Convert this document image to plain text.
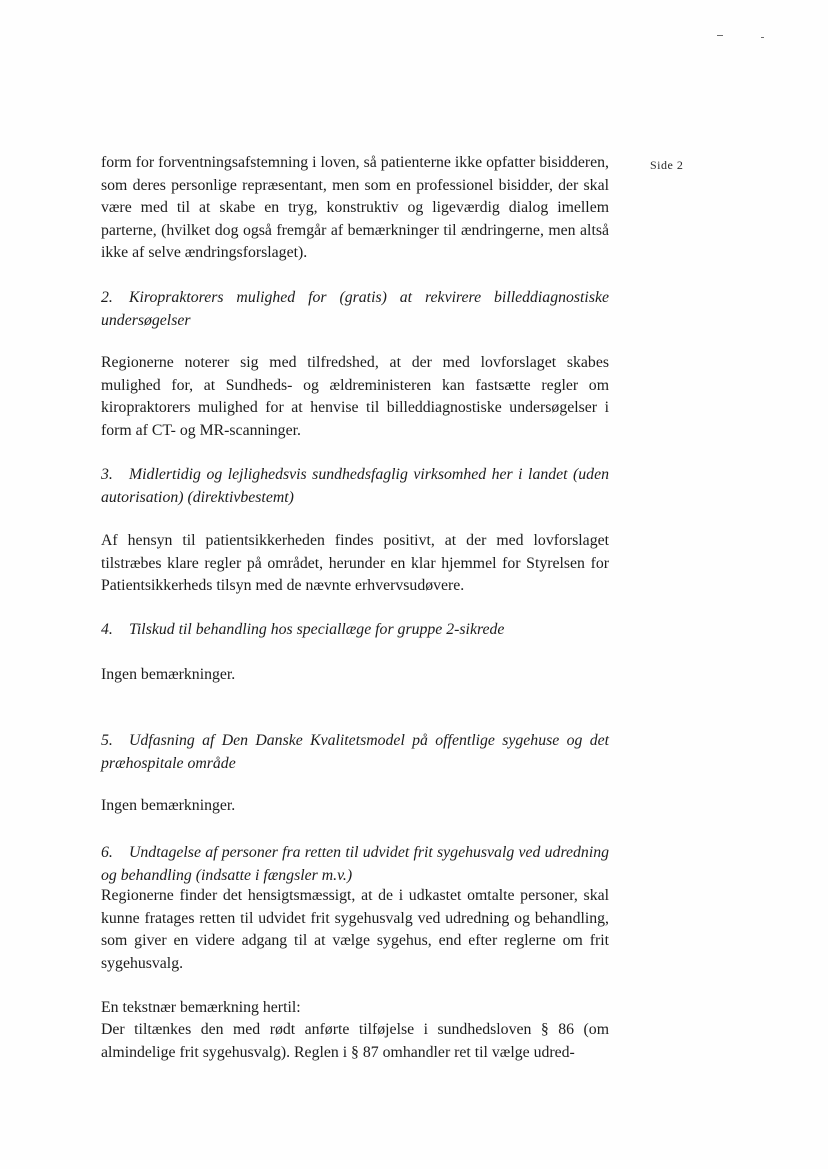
Side 2

form for forventningsafstemning i loven, så patienterne ikke opfatter bisidderen, som deres personlige repræsentant, men som en professionel bisidder, der skal være med til at skabe en tryg, konstruktiv og ligeværdig dialog imellem parterne, (hvilket dog også fremgår af bemærkninger til ændringerne, men altså ikke af selve ændringsforslaget).

2. Kiropraktorers mulighed for (gratis) at rekvirere billeddiagnostiske undersøgelser

Regionerne noterer sig med tilfredshed, at der med lovforslaget skabes mulighed for, at Sundheds- og ældreministeren kan fastsætte regler om kiropraktorers mulighed for at henvise til billeddiagnostiske undersøgelser i form af CT- og MR-scanninger.

3. Midlertidig og lejlighedsvis sundhedsfaglig virksomhed her i landet (uden autorisation) (direktivbestemt)

Af hensyn til patientsikkerheden findes positivt, at der med lovforslaget tilstræbes klare regler på området, herunder en klar hjemmel for Styrelsen for Patientsikkerheds tilsyn med de nævnte erhvervsudøvere.

4. Tilskud til behandling hos speciallæge for gruppe 2-sikrede

Ingen bemærkninger.

5. Udfasning af Den Danske Kvalitetsmodel på offentlige sygehuse og det præhospitale område

Ingen bemærkninger.

6. Undtagelse af personer fra retten til udvidet frit sygehusvalg ved udredning og behandling (indsatte i fængsler m.v.)

Regionerne finder det hensigtsmæssigt, at de i udkastet omtalte personer, skal kunne fratages retten til udvidet frit sygehusvalg ved udredning og behandling, som giver en videre adgang til at vælge sygehus, end efter reglerne om frit sygehusvalg.

En tekstnær bemærkning hertil:

Der tiltænkes den med rødt anførte tilføjelse i sundhedsloven § 86 (om almindelige frit sygehusvalg). Reglen i § 87 omhandler ret til vælge udred-
